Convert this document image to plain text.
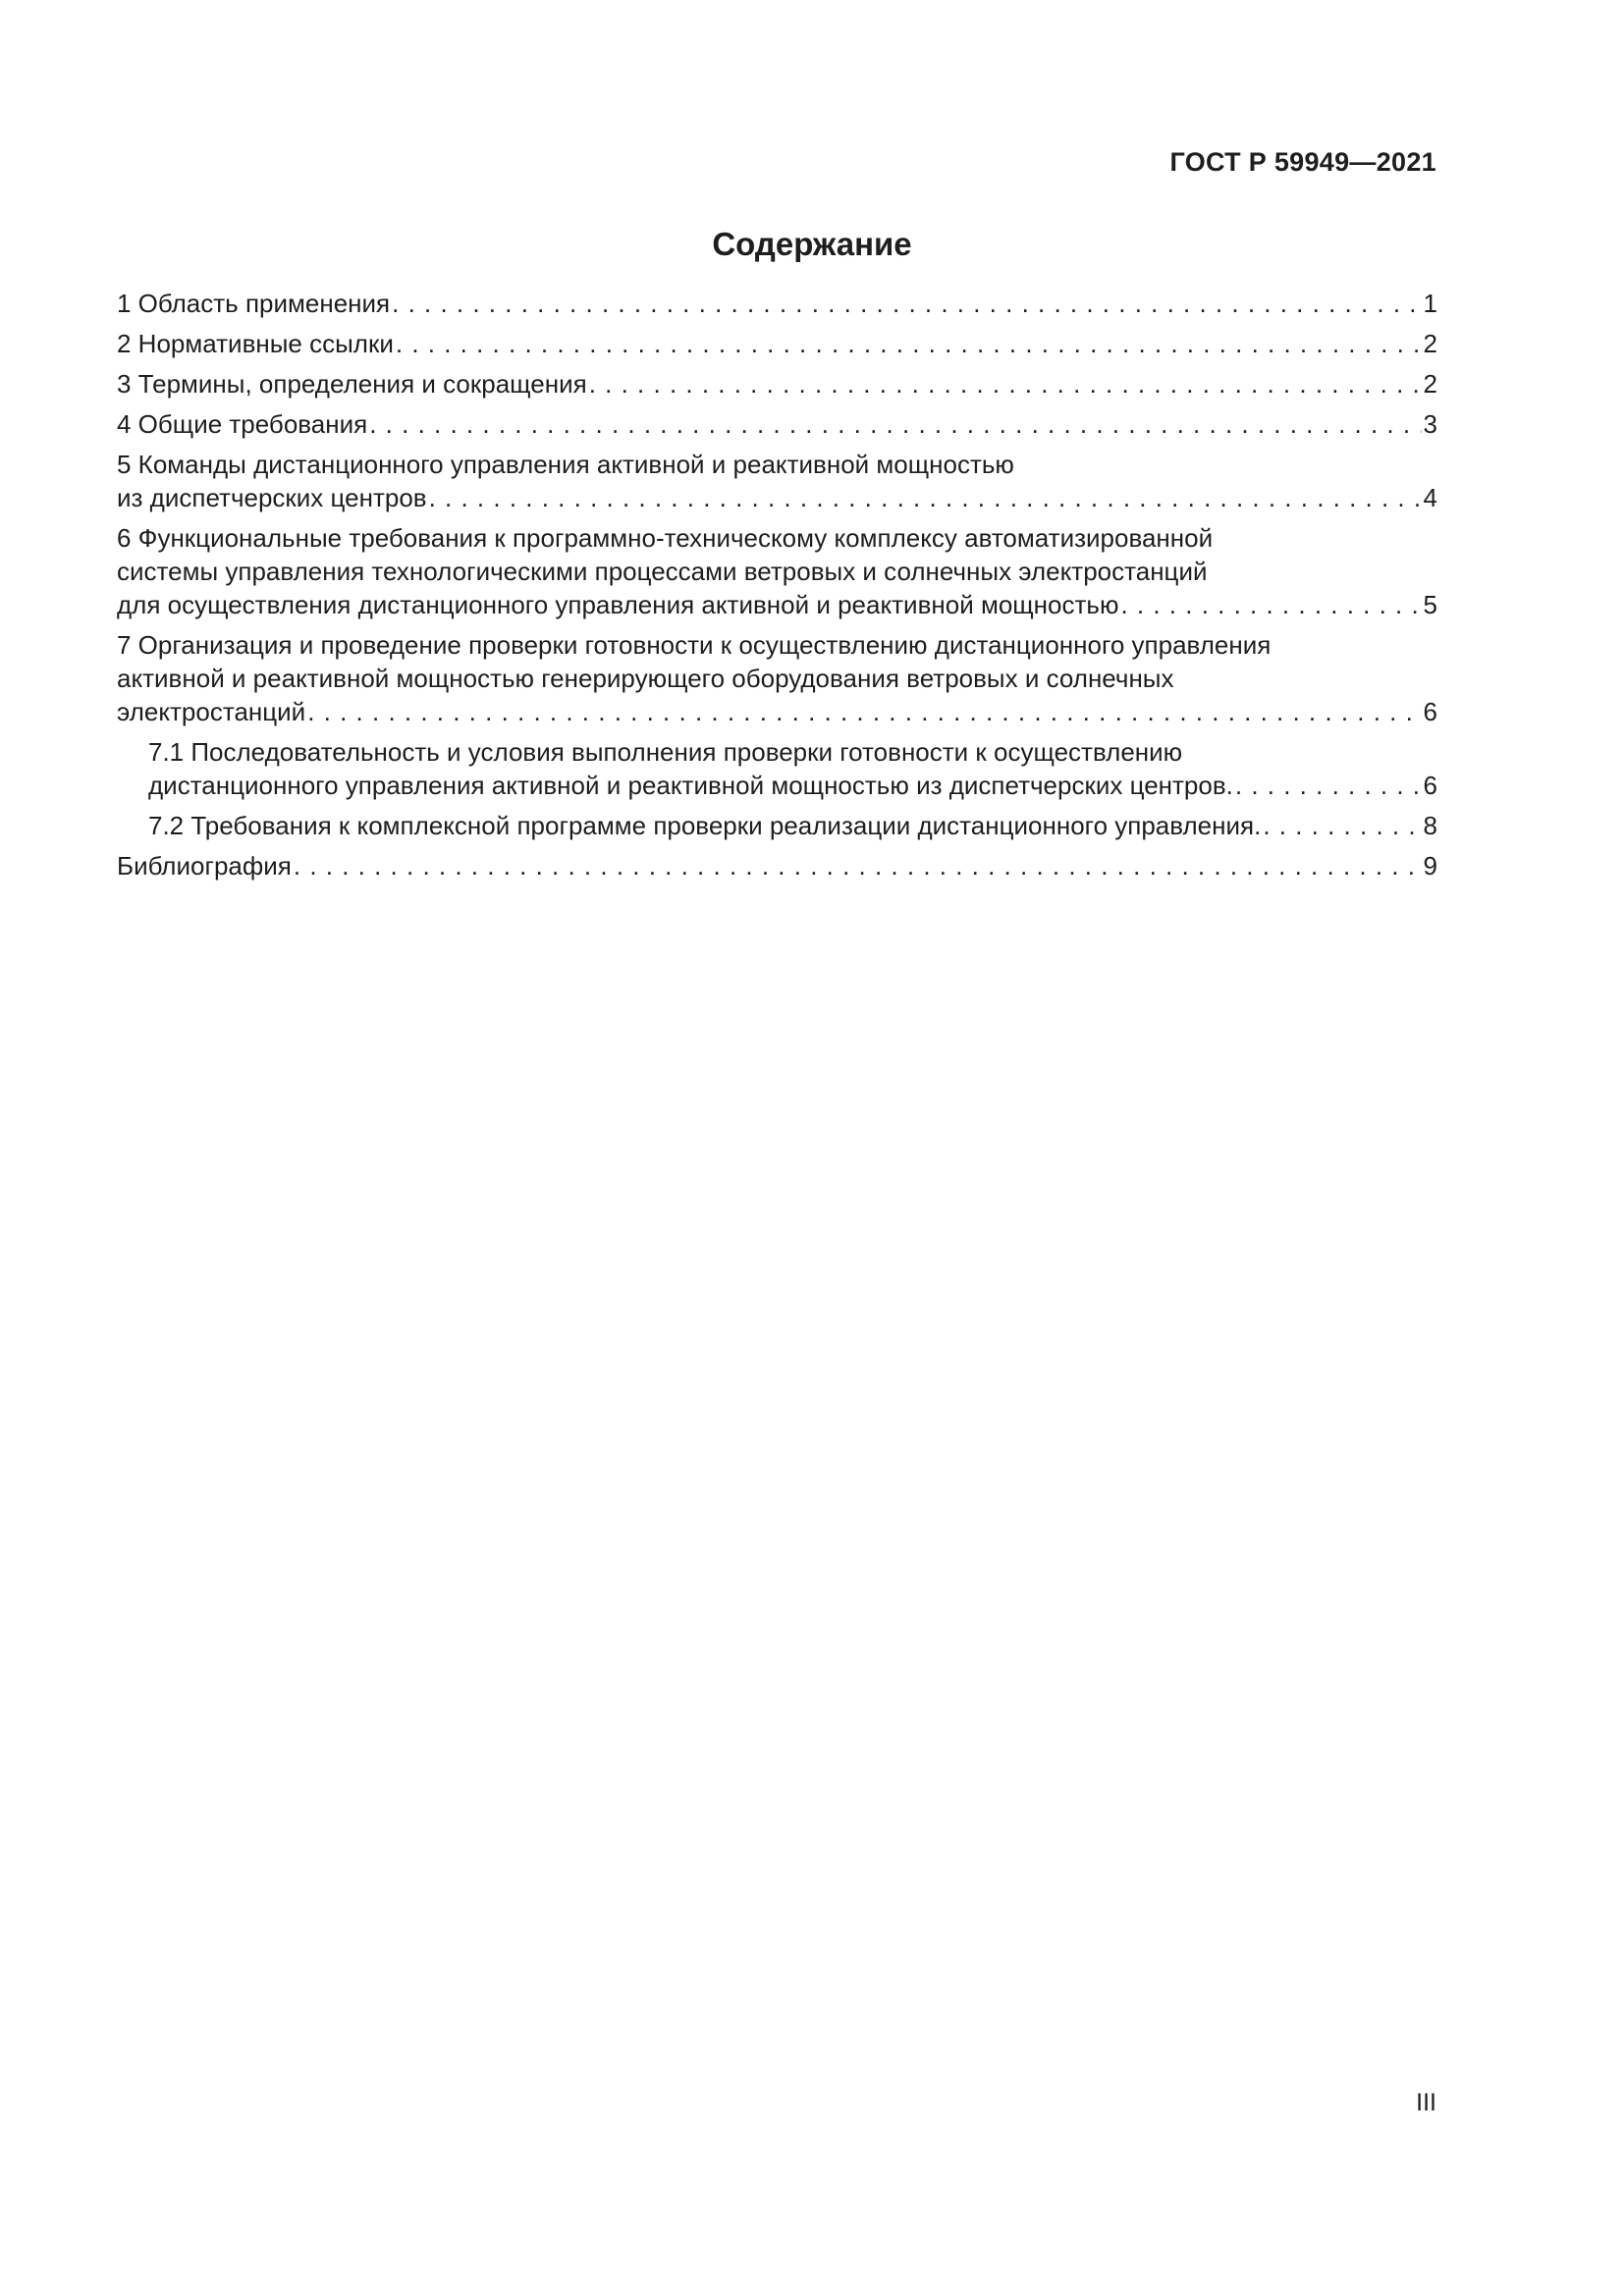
ГОСТ Р 59949—2021
Содержание
1 Область применения . . .	1
2 Нормативные ссылки . . .	2
3 Термины, определения и сокращения . . .	2
4 Общие требования . . .	3
5 Команды дистанционного управления активной и реактивной мощностью
из диспетчерских центров . . .	4
6 Функциональные требования к программно-техническому комплексу автоматизированной
системы управления технологическими процессами ветровых и солнечных электростанций
для осуществления дистанционного управления активной и реактивной мощностью . . .	5
7 Организация и проведение проверки готовности к осуществлению дистанционного управления
активной и реактивной мощностью генерирующего оборудования ветровых и солнечных
электростанций . . .	6
7.1 Последовательность и условия выполнения проверки готовности к осуществлению
дистанционного управления активной и реактивной мощностью из диспетчерских центров. . . .	6
7.2 Требования к комплексной программе проверки реализации дистанционного управления. . . .	8
Библиография . . .	9
III
